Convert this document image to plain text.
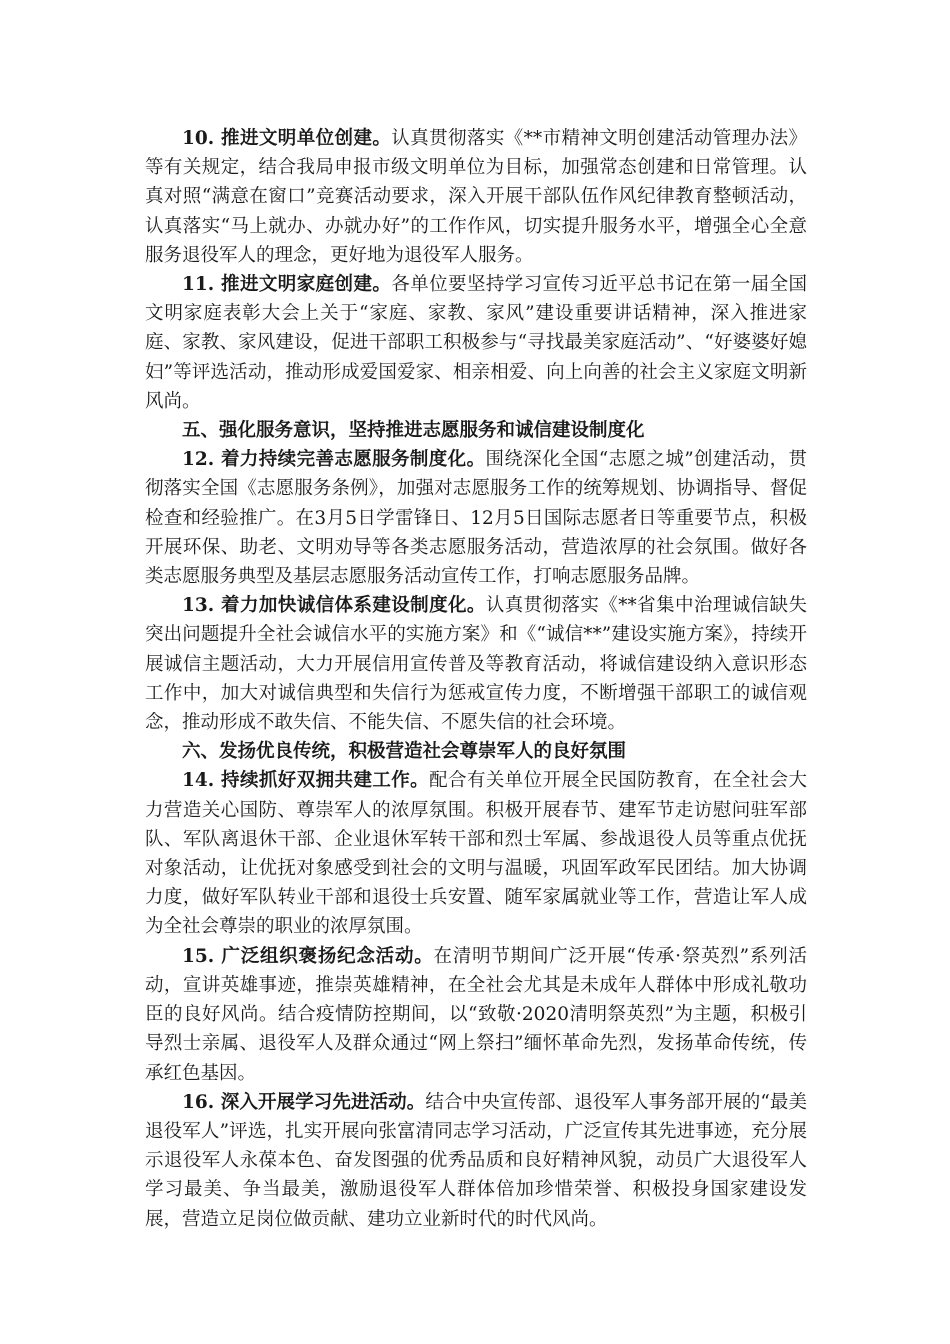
10. 推进文明单位创建。认真贯彻落实《**市精神文明创建活动管理办法》等有关规定，结合我局申报市级文明单位为目标，加强常态创建和日常管理。认真对照“满意在窗口”竞赛活动要求，深入开展干部队伍作风纪律教育整顿活动，认真落实“马上就办、办就办好”的工作作风，切实提升服务水平，增强全心全意服务退役军人的理念，更好地为退役军人服务。

11. 推进文明家庭创建。各单位要坚持学习宣传习近平总书记在第一届全国文明家庭表彰大会上关于“家庭、家教、家风”建设重要讲话精神，深入推进家庭、家教、家风建设，促进干部职工积极参与“寻找最美家庭活动”、“好婆婆好媳妇”等评选活动，推动形成爱国爱家、相亲相爱、向上向善的社会主义家庭文明新风尚。

五、强化服务意识，坚持推进志愿服务和诚信建设制度化

12. 着力持续完善志愿服务制度化。围绕深化全国“志愿之城”创建活动，贯彻落实全国《志愿服务条例》，加强对志愿服务工作的统筹规划、协调指导、督促检查和经验推广。在3月5日学雷锋日、12月5日国际志愿者日等重要节点，积极开展环保、助老、文明劝导等各类志愿服务活动，营造浓厚的社会氛围。做好各类志愿服务典型及基层志愿服务活动宣传工作，打响志愿服务品牌。

13. 着力加快诚信体系建设制度化。认真贯彻落实《**省集中治理诚信缺失突出问题提升全社会诚信水平的实施方案》和《“诚信**”建设实施方案》，持续开展诚信主题活动，大力开展信用宣传普及等教育活动，将诚信建设纳入意识形态工作中，加大对诚信典型和失信行为惩戒宣传力度，不断增强干部职工的诚信观念，推动形成不敢失信、不能失信、不愿失信的社会环境。

六、发扬优良传统，积极营造社会尊崇军人的良好氛围

14. 持续抓好双拥共建工作。配合有关单位开展全民国防教育，在全社会大力营造关心国防、尊崇军人的浓厚氛围。积极开展春节、建军节走访慰问驻军部队、军队离退休干部、企业退休军转干部和烈士军属、参战退役人员等重点优抚对象活动，让优抚对象感受到社会的文明与温暖，巩固军政军民团结。加大协调力度，做好军队转业干部和退役士兵安置、随军家属就业等工作，营造让军人成为全社会尊崇的职业的浓厚氛围。

15. 广泛组织褒扬纪念活动。在清明节期间广泛开展“传承·祭英烈”系列活动，宣讲英雄事迹，推崇英雄精神，在全社会尤其是未成年人群体中形成礼敬功臣的良好风尚。结合疫情防控期间，以“致敬·2020清明祭英烈”为主题，积极引导烈士亲属、退役军人及群众通过“网上祭扫”缅怀革命先烈，发扬革命传统，传承红色基因。

16. 深入开展学习先进活动。结合中央宣传部、退役军人事务部开展的“最美退役军人”评选，扎实开展向张富清同志学习活动，广泛宣传其先进事迹，充分展示退役军人永葆本色、奋发图强的优秀品质和良好精神风貌，动员广大退役军人学习最美、争当最美，激励退役军人群体倍加珍惜荣誉、积极投身国家建设发展，营造立足岗位做贡献、建功立业新时代的时代风尚。
